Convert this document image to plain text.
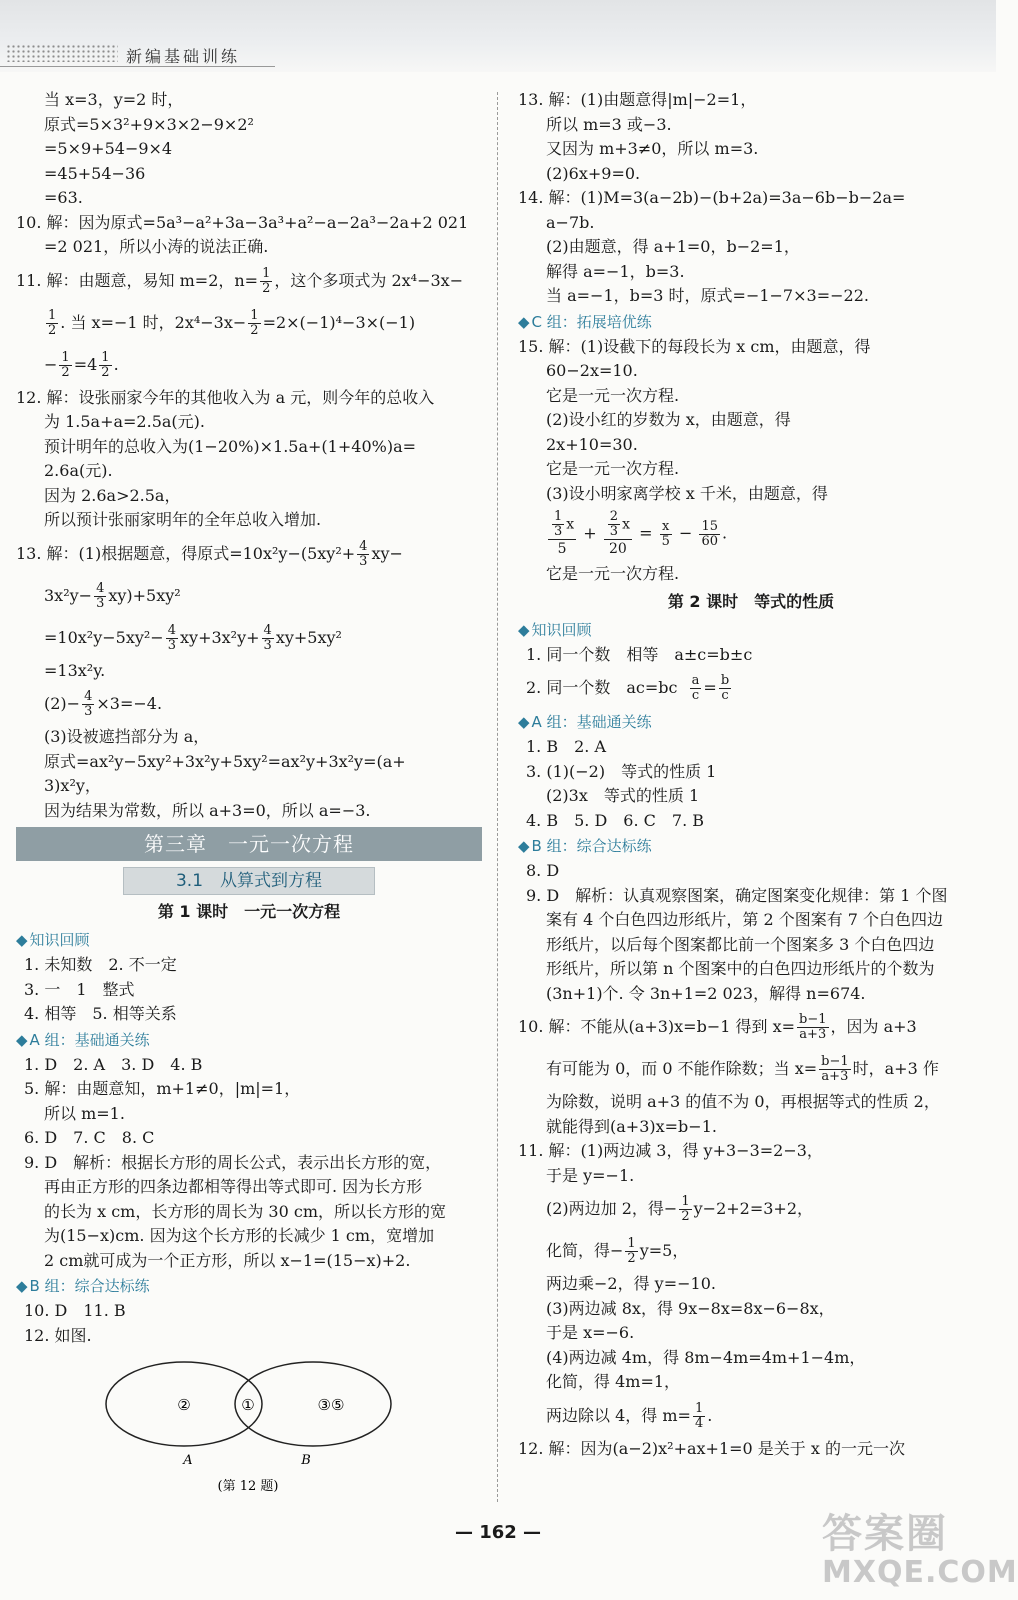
新编基础训练
当 x=3，y=2 时，
原式=5×3²+9×3×2−9×2²
=5×9+54−9×4
=45+54−36
=63.
10. 解：因为原式=5a³−a²+3a−3a³+a²−a−2a³−2a+2 021
=2 021，所以小涛的说法正确.
11. 解：由题意，易知 m=2，$n= \frac{1}{2}$ ，这个多项式为 2x⁴−3x−
$\frac{1}{2}$ . 当 x=−1 时，$2x^4-3x- \frac{1}{2} =2\times(-1)^4-3\times(-1)$
− $\frac{1}{2} =4 \frac{1}{2}$ .
12. 解：设张丽家今年的其他收入为 a 元，则今年的总收入
为 1.5a+a=2.5a(元).
预计明年的总收入为(1−20%)×1.5a+(1+40%)a=
2.6a(元).
因为 2.6a>2.5a，
所以预计张丽家明年的全年总收入增加.
13. 解：(1)根据题意，得原式$=10x^2y-(5xy^2+ \frac{4}{3} xy-$
$3x^2y- \frac{4}{3} xy)+5xy^2$
$=10x^2y-5xy^2- \frac{4}{3} xy+3x^2y+ \frac{4}{3} xy+5xy^2$
=13x²y.
$(2)- \frac{4}{3} \times 3=-4$.
(3)设被遮挡部分为 a，
原式=ax²y−5xy²+3x²y+5xy²=ax²y+3x²y=(a+
3)x²y，
因为结果为常数，所以 a+3=0，所以 a=−3.
第三章　一元一次方程
3.1　从算式到方程
第 1 课时　一元一次方程
◆ 知识回顾
1. 未知数　2. 不一定
3. 一　1　整式
4. 相等　5. 相等关系
◆ A 组：基础通关练
1. D　2. A　3. D　4. B
5. 解：由题意知，m+1≠0，|m|=1，
所以 m=1.
6. D　7. C　8. C
9. D　解析：根据长方形的周长公式，表示出长方形的宽，
再由正方形的四条边都相等得出等式即可. 因为长方形
的长为 x cm，长方形的周长为 30 cm，所以长方形的宽
为(15−x)cm. 因为这个长方形的长减少 1 cm，宽增加
2 cm就可成为一个正方形，所以 x−1=(15−x)+2.
◆ B 组：综合达标练
10. D　11. B
12. 如图.
②	①	③⑤
A	B
(第 12 题)
13. 解：(1)由题意得|m|−2=1，
所以 m=3 或−3.
又因为 m+3≠0，所以 m=3.
(2)6x+9=0.
14. 解：(1)M=3(a−2b)−(b+2a)=3a−6b−b−2a=
a−7b.
(2)由题意，得 a+1=0，b−2=1，
解得 a=−1，b=3.
当 a=−1，b=3 时，原式=−1−7×3=−22.
◆ C 组：拓展培优练
15. 解：(1)设截下的每段长为 x cm，由题意，得
60−2x=10.
它是一元一次方程.
(2)设小红的岁数为 x，由题意，得
2x+10=30.
它是一元一次方程.
(3)设小明家离学校 x 千米，由题意，得
$\frac{\frac{1}{3} x}{5} + \frac{\frac{2}{3} x}{20} = \frac{x}{5} - \frac{15}{60}$ .
它是一元一次方程.
第 2 课时　等式的性质
◆ 知识回顾
1. 同一个数　相等　a±c=b±c
2. 同一个数　$ac=bc \frac{a}{c} = \frac{b}{c}$
◆ A 组：基础通关练
1. B　2. A
3. (1)(−2)　等式的性质 1
(2)3x　等式的性质 1
4. B　5. D　6. C　7. B
◆ B 组：综合达标练
8. D
9. D　解析：认真观察图案，确定图案变化规律：第 1 个图
案有 4 个白色四边形纸片，第 2 个图案有 7 个白色四边
形纸片，以后每个图案都比前一个图案多 3 个白色四边
形纸片，所以第 n 个图案中的白色四边形纸片的个数为
(3n+1)个. 令 3n+1=2 023，解得 n=674.
10. 解：不能从(a+3)x=b−1 得到 $x= \frac{b-1}{a+3}$ ，因为 a+3
有可能为 0，而 0 不能作除数；当 $x= \frac{b-1}{a+3}$ 时，a+3 作
为除数，说明 a+3 的值不为 0，再根据等式的性质 2，
就能得到(a+3)x=b−1.
11. 解：(1)两边减 3，得 y+3−3=2−3，
于是 y=−1.
(2)两边加 2，得− $\frac{1}{2} y-2+2=3+2$，
化简，得− $\frac{1}{2} y=5$，
两边乘−2，得 y=−10.
(3)两边减 8x，得 9x−8x=8x−6−8x，
于是 x=−6.
(4)两边减 4m，得 8m−4m=4m+1−4m，
化简，得 4m=1，
两边除以 4，得 $m= \frac{1}{4}$ .
12. 解：因为(a−2)x²+ax+1=0 是关于 x 的一元一次
— 162 —	答案圈
MXQE.COM
